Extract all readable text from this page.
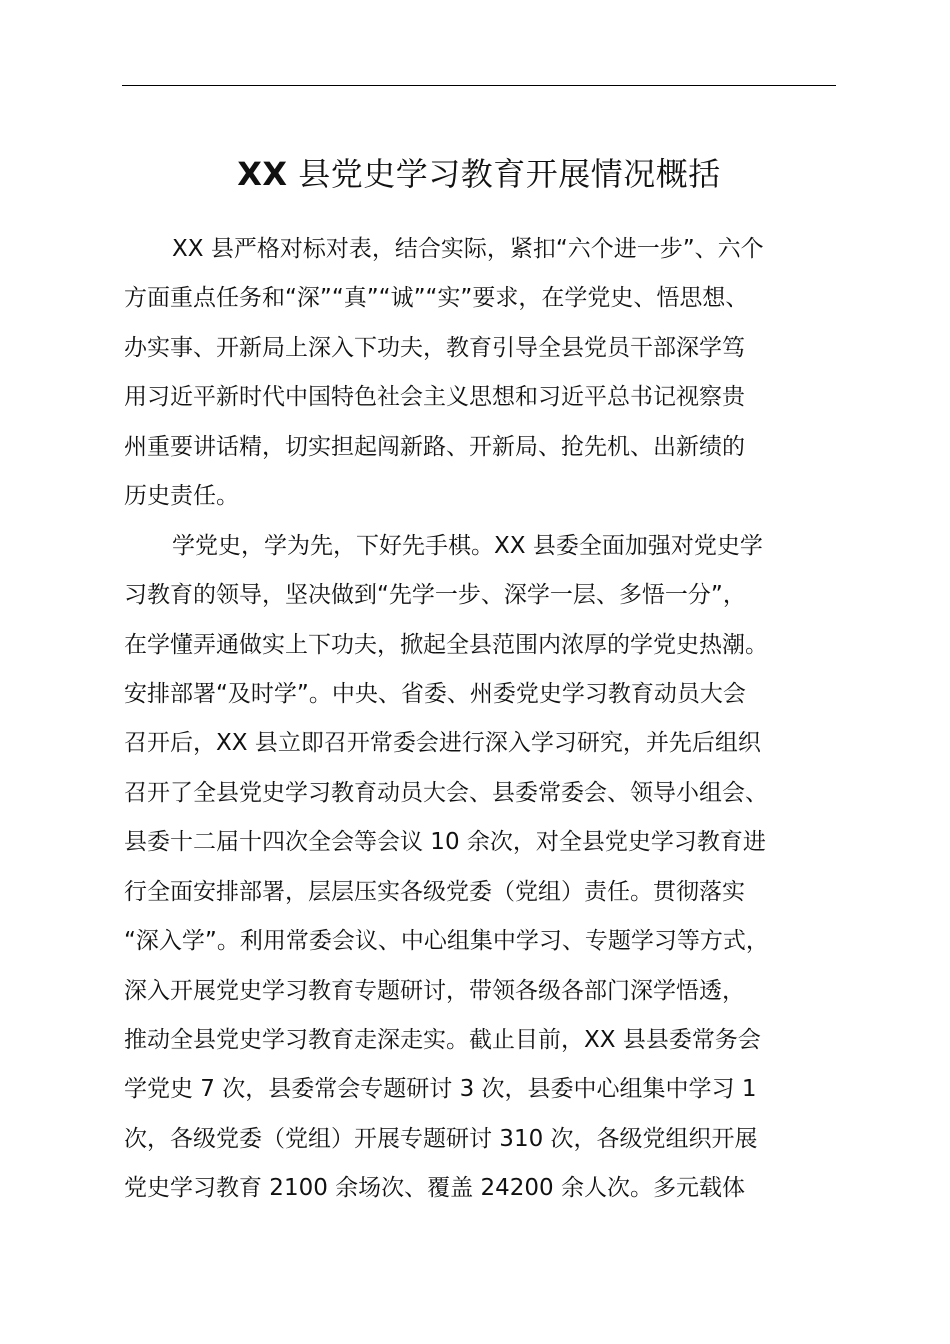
XX 县党史学习教育开展情况概括
XX 县严格对标对表，结合实际，紧扣“六个进一步”、六个
方面重点任务和“深”“真”“诚”“实”要求，在学党史、悟思想、
办实事、开新局上深入下功夫，教育引导全县党员干部深学笃
用习近平新时代中国特色社会主义思想和习近平总书记视察贵
州重要讲话精，切实担起闯新路、开新局、抢先机、出新绩的
历史责任。
学党史，学为先，下好先手棋。XX 县委全面加强对党史学
习教育的领导，坚决做到“先学一步、深学一层、多悟一分”，
在学懂弄通做实上下功夫，掀起全县范围内浓厚的学党史热潮。
安排部署“及时学”。中央、省委、州委党史学习教育动员大会
召开后，XX 县立即召开常委会进行深入学习研究，并先后组织
召开了全县党史学习教育动员大会、县委常委会、领导小组会、
县委十二届十四次全会等会议 10 余次，对全县党史学习教育进
行全面安排部署，层层压实各级党委（党组）责任。贯彻落实
“深入学”。利用常委会议、中心组集中学习、专题学习等方式，
深入开展党史学习教育专题研讨，带领各级各部门深学悟透，
推动全县党史学习教育走深走实。截止目前，XX 县县委常务会
学党史 7 次，县委常会专题研讨 3 次，县委中心组集中学习 1
次，各级党委（党组）开展专题研讨 310 次，各级党组织开展
党史学习教育 2100 余场次、覆盖 24200 余人次。多元载体
